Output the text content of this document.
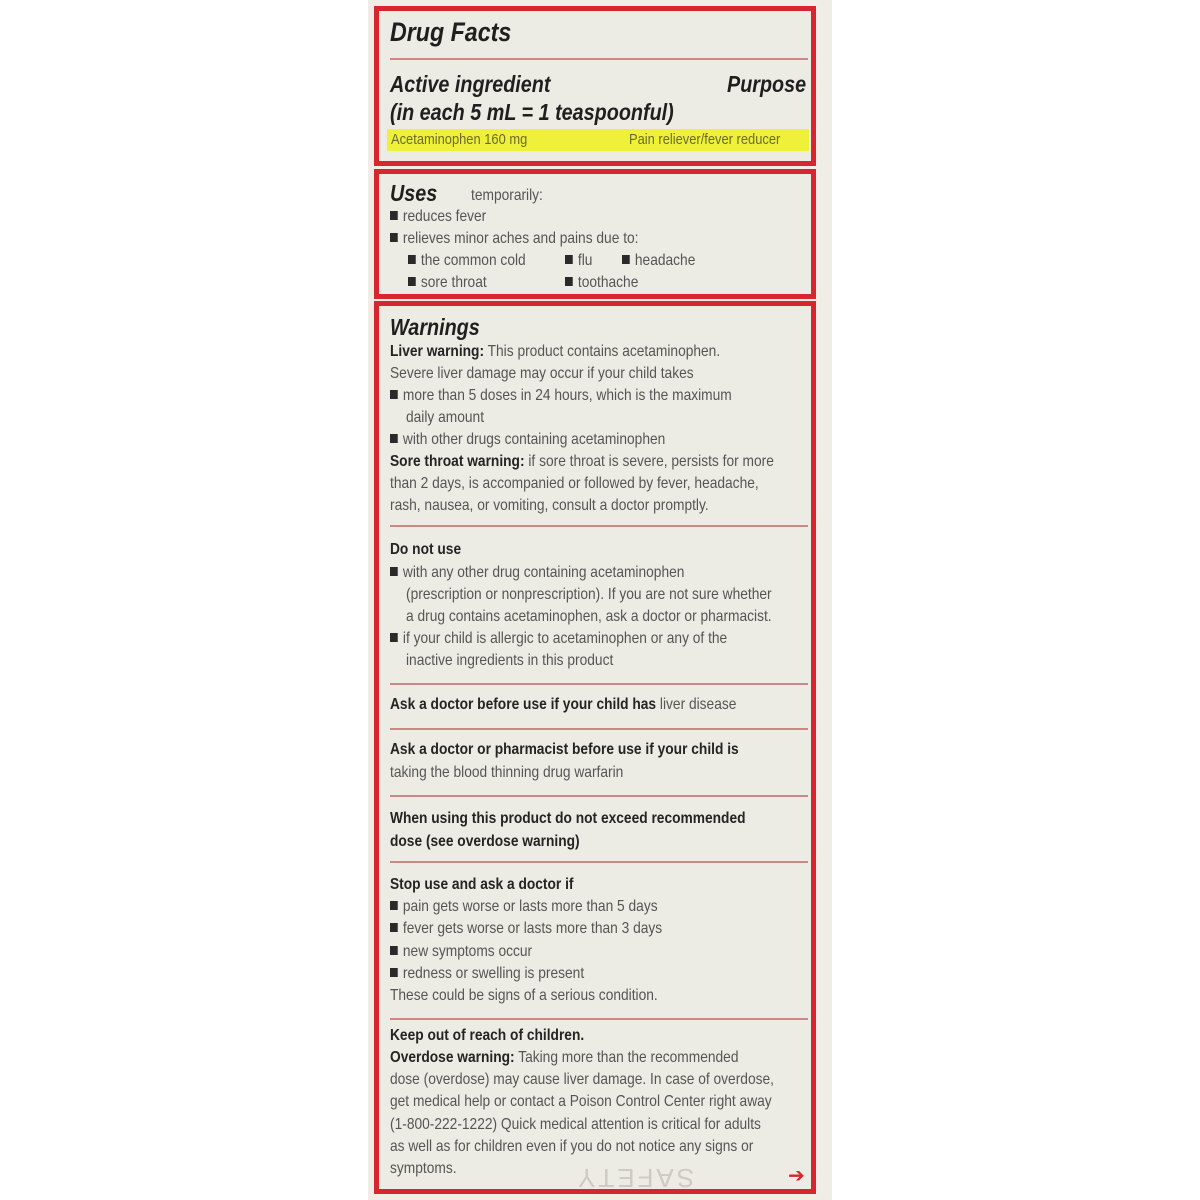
Drug Facts
Active ingredient
(in each 5 mL = 1 teaspoonful)
Purpose
Acetaminophen 160 mg	Pain reliever/fever reducer
Uses temporarily:
reduces fever
relieves minor aches and pains due to:
the common cold	flu	headache
sore throat	toothache
Warnings
Liver warning: This product contains acetaminophen.
Severe liver damage may occur if your child takes
more than 5 doses in 24 hours, which is the maximum
daily amount
with other drugs containing acetaminophen
Sore throat warning: if sore throat is severe, persists for more
than 2 days, is accompanied or followed by fever, headache,
rash, nausea, or vomiting, consult a doctor promptly.
Do not use
with any other drug containing acetaminophen
(prescription or nonprescription). If you are not sure whether
a drug contains acetaminophen, ask a doctor or pharmacist.
if your child is allergic to acetaminophen or any of the
inactive ingredients in this product
Ask a doctor before use if your child has liver disease
Ask a doctor or pharmacist before use if your child is
taking the blood thinning drug warfarin
When using this product do not exceed recommended
dose (see overdose warning)
Stop use and ask a doctor if
pain gets worse or lasts more than 5 days
fever gets worse or lasts more than 3 days
new symptoms occur
redness or swelling is present
These could be signs of a serious condition.
Keep out of reach of children.
Overdose warning: Taking more than the recommended
dose (overdose) may cause liver damage. In case of overdose,
get medical help or contact a Poison Control Center right away
(1-800-222-1222) Quick medical attention is critical for adults
as well as for children even if you do not notice any signs or
symptoms.	➔
SAFETY
